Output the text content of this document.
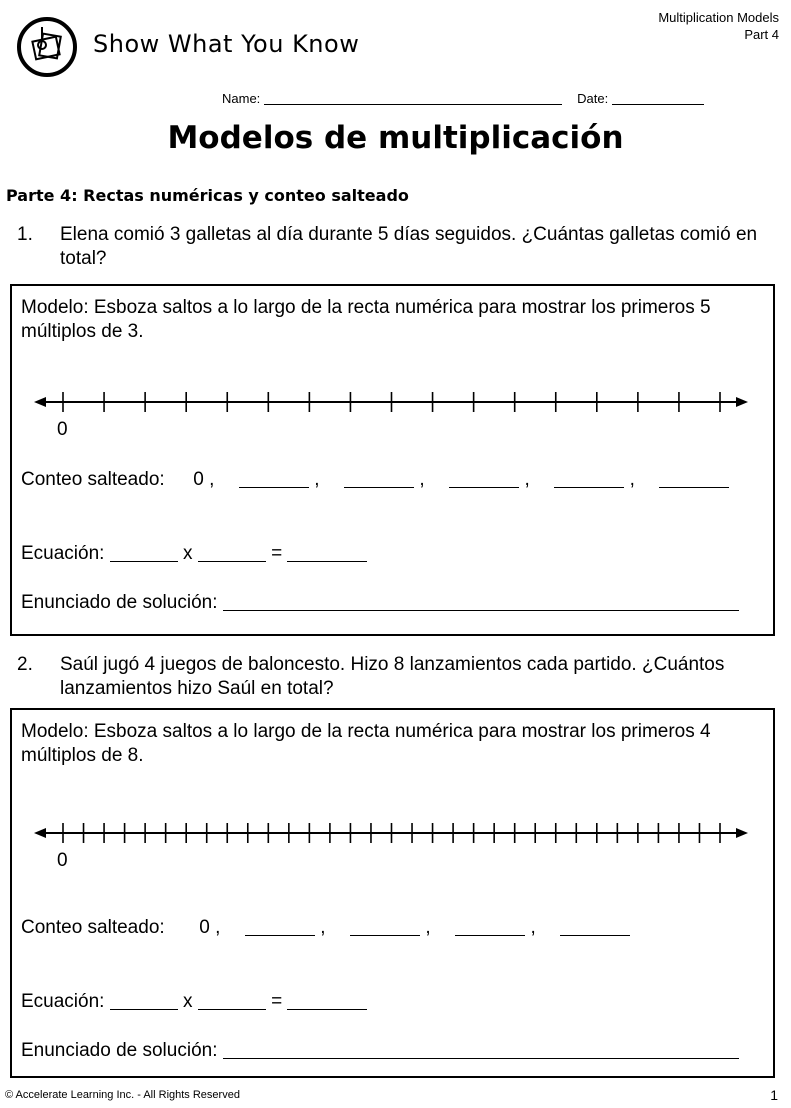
Show What You Know
Multiplication Models
Part 4
Name:	Date:
Modelos de multiplicación
Parte 4: Rectas numéricas y conteo salteado
1.	Elena comió 3 galletas al día durante 5 días seguidos. ¿Cuántas galletas comió en total?
Modelo: Esboza saltos a lo largo de la recta numérica para mostrar los primeros 5 múltiplos de 3.
0
Conteo salteado: 0 ,	,	,	,	,
Ecuación:	x	=
Enunciado de solución:
2.	Saúl jugó 4 juegos de baloncesto. Hizo 8 lanzamientos cada partido. ¿Cuántos lanzamientos hizo Saúl en total?
Modelo: Esboza saltos a lo largo de la recta numérica para mostrar los primeros 4 múltiplos de 8.
0
Conteo salteado: 0 ,	,	,	,
Ecuación:	x	=
Enunciado de solución:
© Accelerate Learning Inc. - All Rights Reserved	1
